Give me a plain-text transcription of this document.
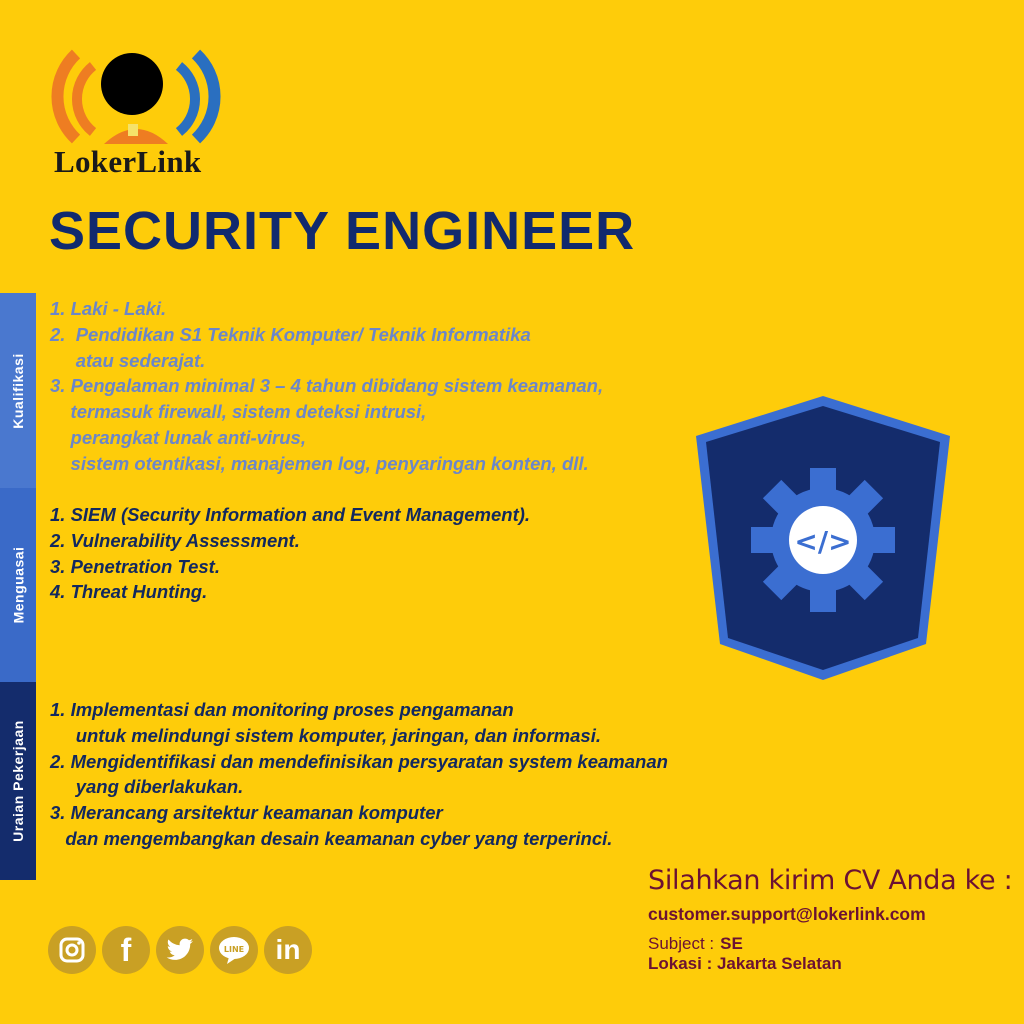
LokerLink
SECURITY ENGINEER
Kualifikasi
Menguasai
Uraian Pekerjaan
1. Laki - Laki.
2.  Pendidikan S1 Teknik Komputer/ Teknik Informatika
atau sederajat.
3. Pengalaman minimal 3 – 4 tahun dibidang sistem keamanan,
termasuk firewall, sistem deteksi intrusi,
perangkat lunak anti-virus,
sistem otentikasi, manajemen log, penyaringan konten, dll.
1. SIEM (Security Information and Event Management).
2. Vulnerability Assessment.
3. Penetration Test.
4. Threat Hunting.
1. Implementasi dan monitoring proses pengamanan
untuk melindungi sistem komputer, jaringan, dan informasi.
2. Mengidentifikasi dan mendefinisikan persyaratan system keamanan
yang diberlakukan.
3. Merancang arsitektur keamanan komputer
dan mengembangkan desain keamanan cyber yang terperinci.
</>
Silahkan kirim CV Anda ke :
customer.support@lokerlink.com
Subject : SE
Lokasi : Jakarta Selatan
f	LINE in
